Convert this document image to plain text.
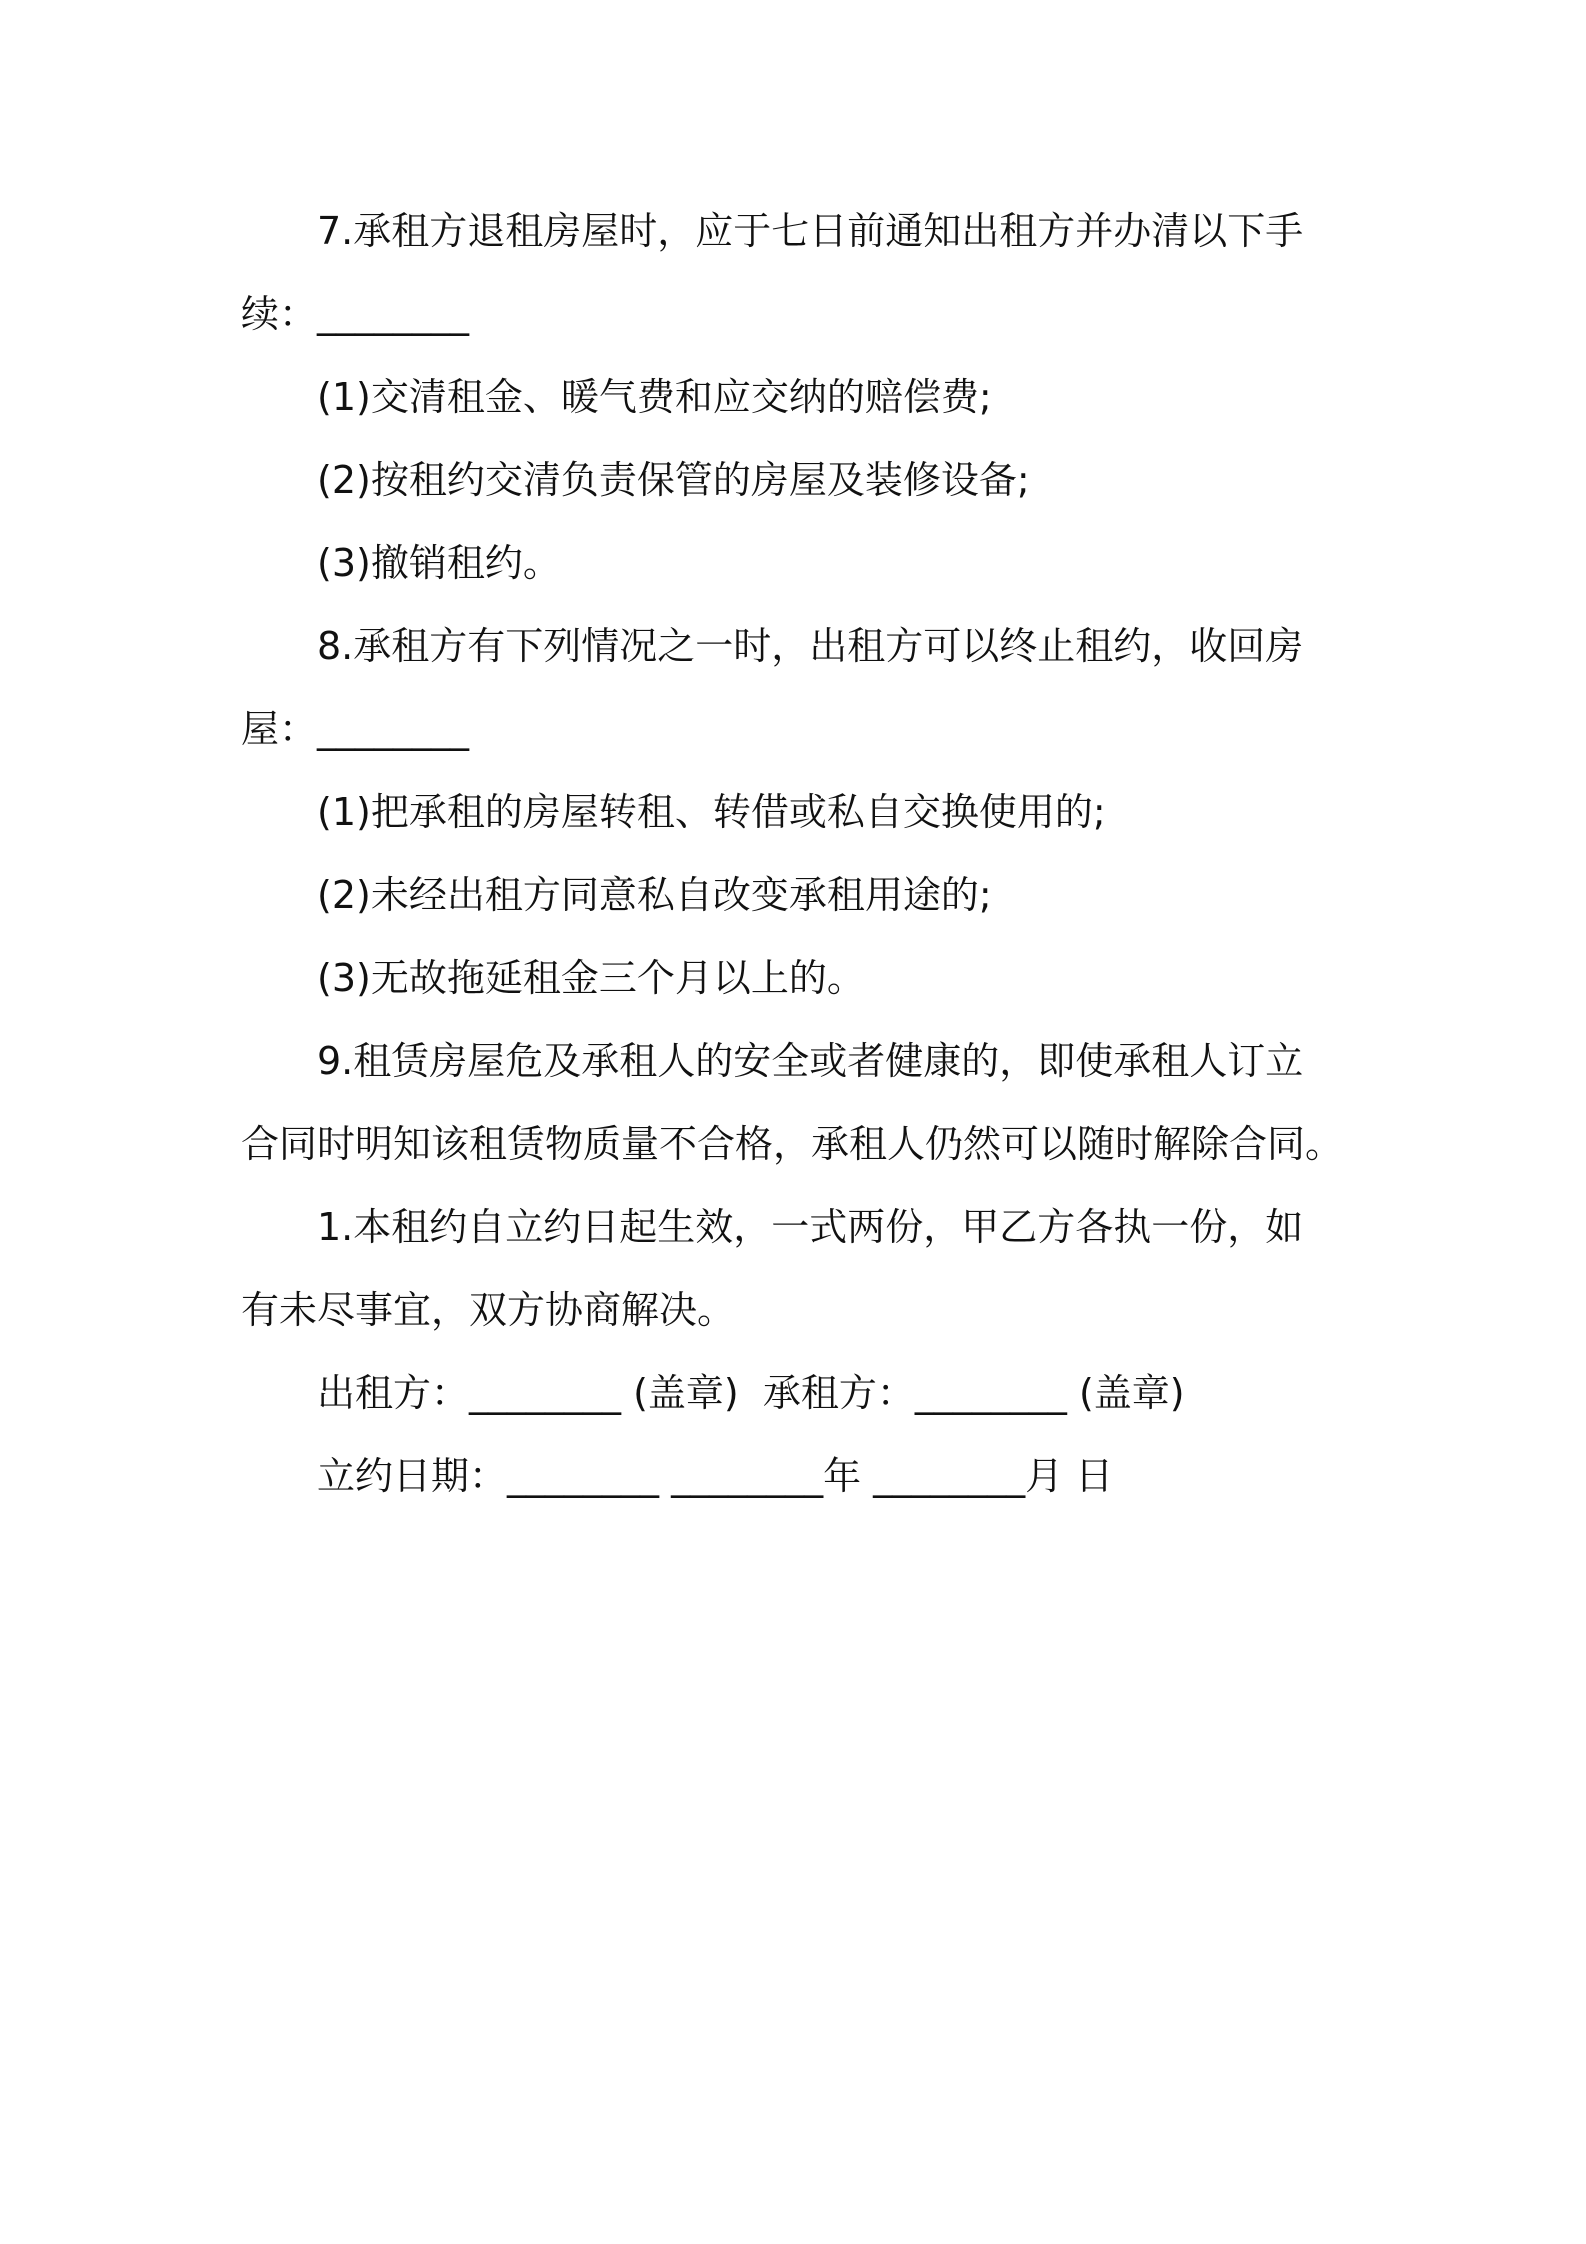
7.承租方退租房屋时，应于七日前通知出租方并办清以下手
续：________
(1)交清租金、暖气费和应交纳的赔偿费;
(2)按租约交清负责保管的房屋及装修设备;
(3)撤销租约。
8.承租方有下列情况之一时，出租方可以终止租约，收回房
屋：________
(1)把承租的房屋转租、转借或私自交换使用的;
(2)未经出租方同意私自改变承租用途的;
(3)无故拖延租金三个月以上的。
9.租赁房屋危及承租人的安全或者健康的，即使承租人订立
合同时明知该租赁物质量不合格，承租人仍然可以随时解除合同。
1.本租约自立约日起生效，一式两份，甲乙方各执一份，如
有未尽事宜，双方协商解决。
出租方：________ (盖章) 承租方：________ (盖章)
立约日期：________ ________年 ________月 日
